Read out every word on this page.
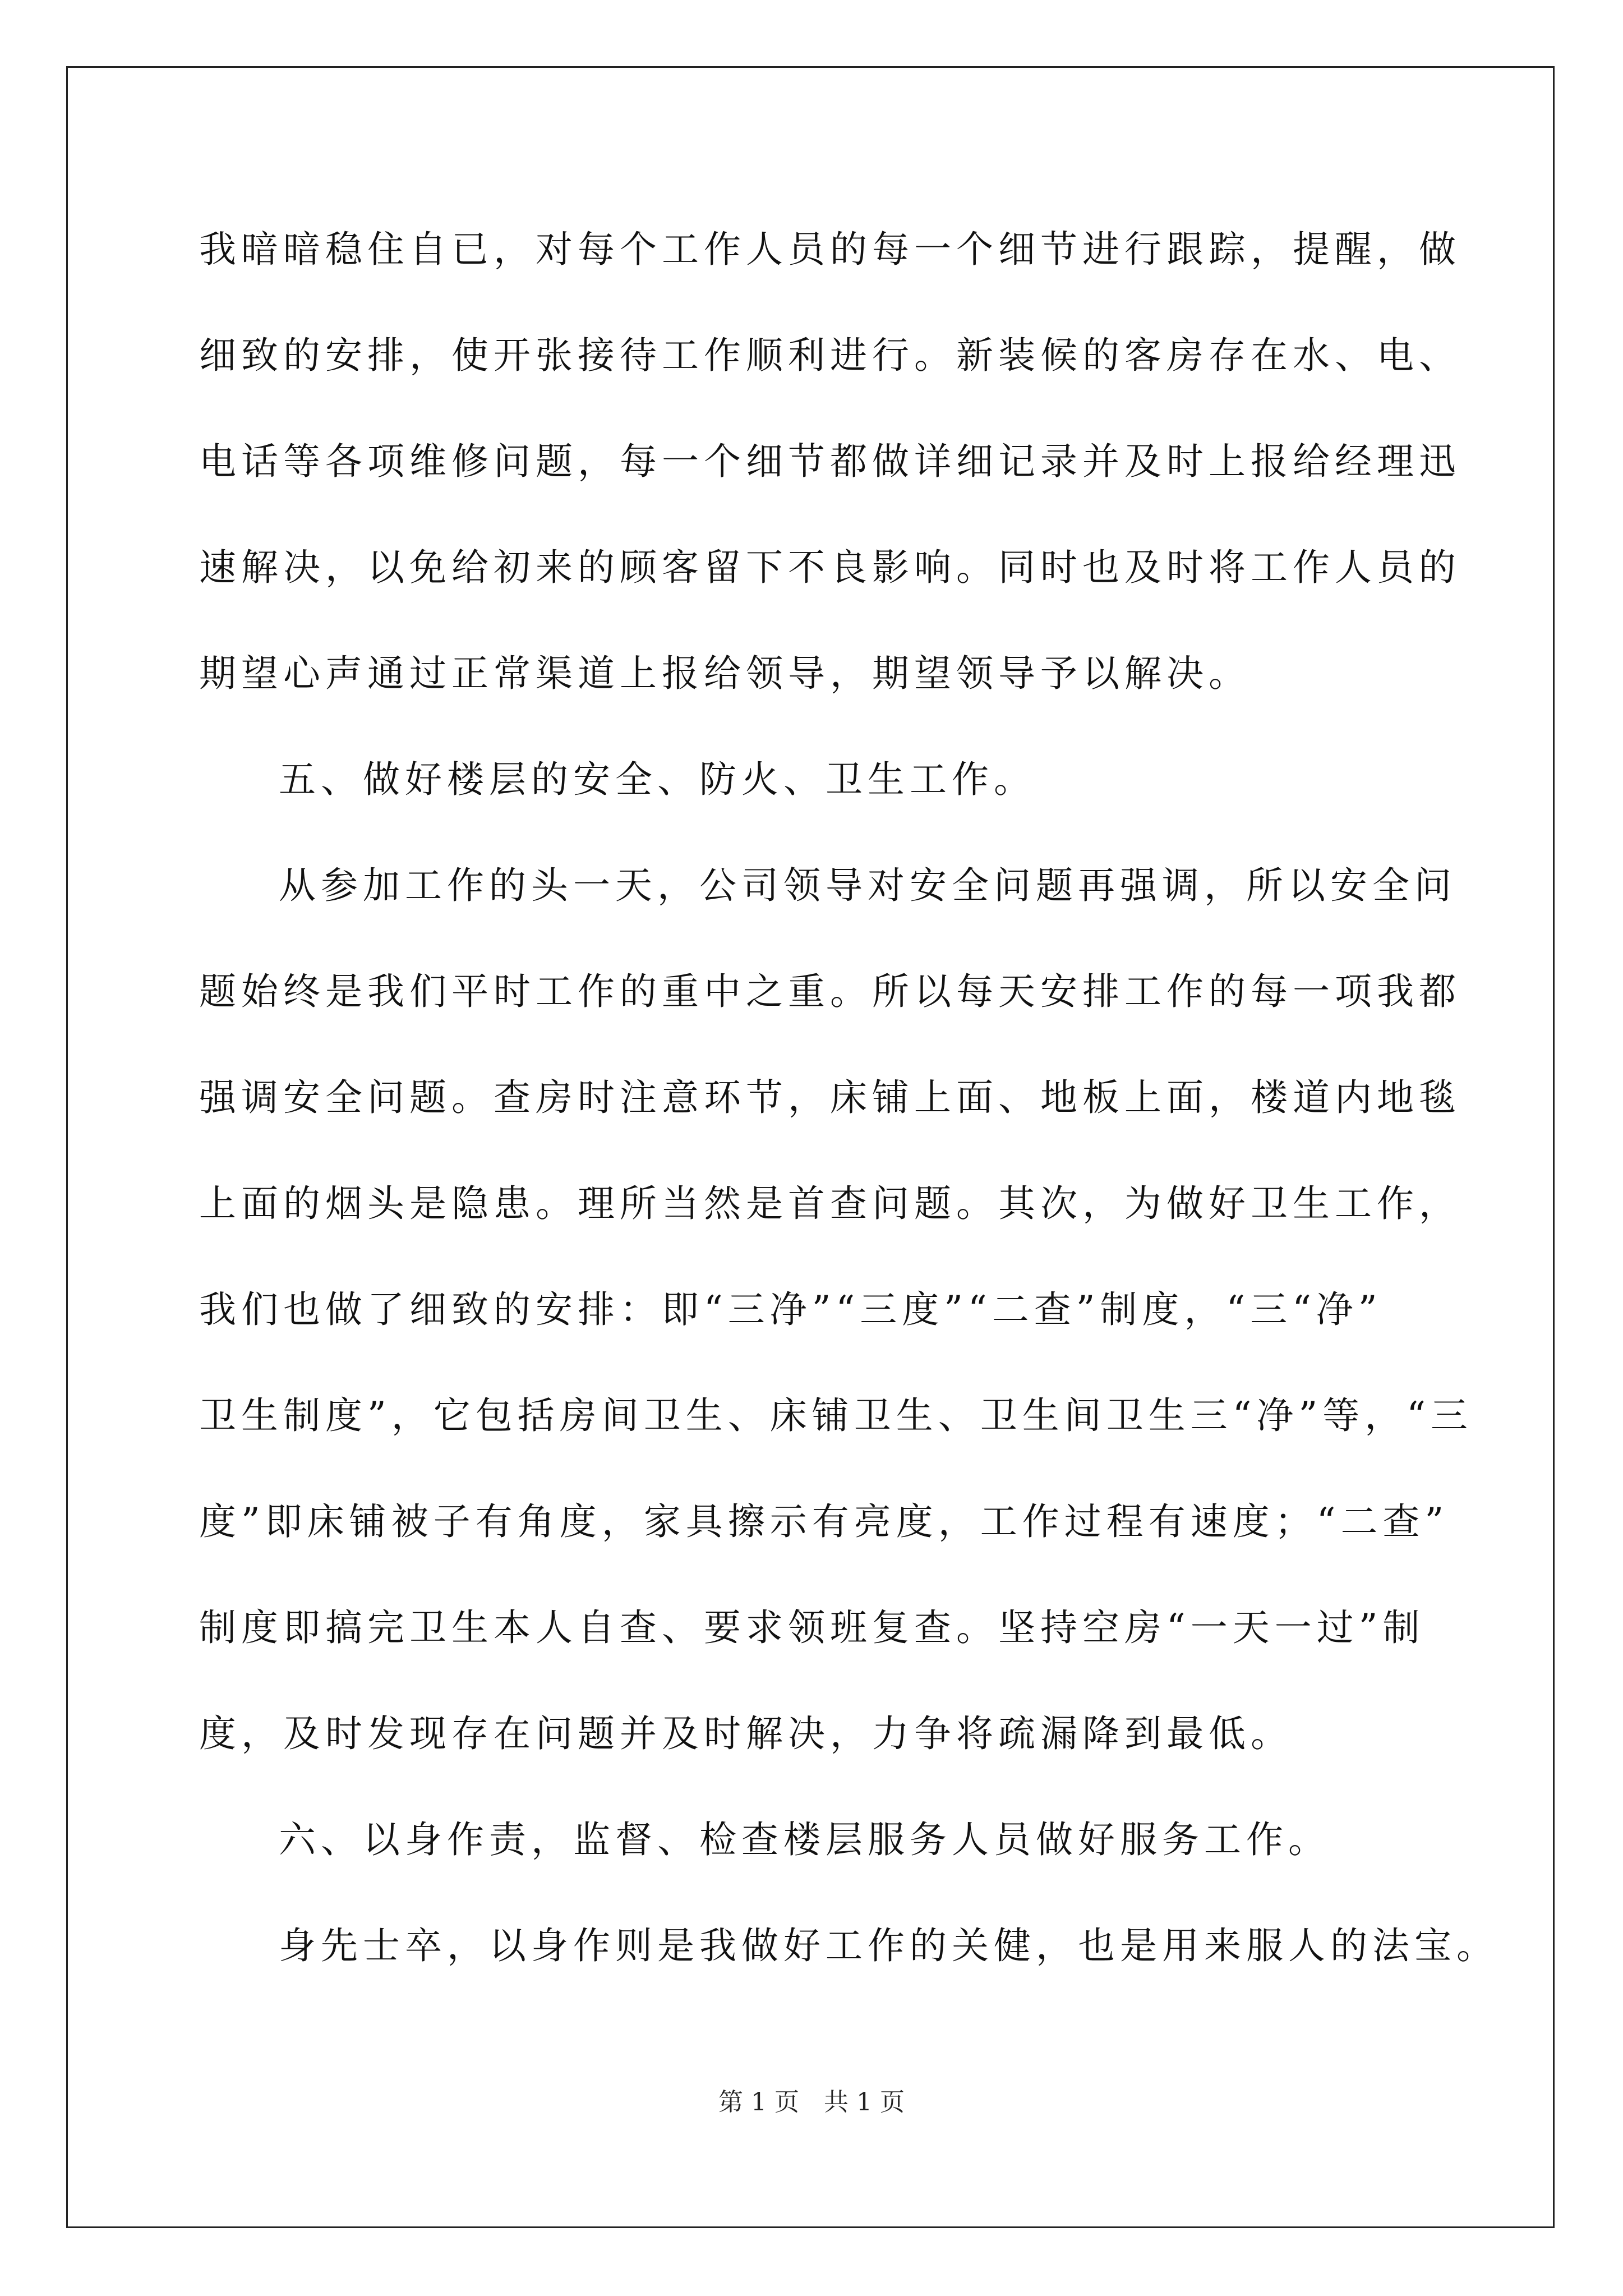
我暗暗稳住自已，对每个工作人员的每一个细节进行跟踪，提醒，做
细致的安排，使开张接待工作顺利进行。新装候的客房存在水、电、
电话等各项维修问题，每一个细节都做详细记录并及时上报给经理迅
速解决，以免给初来的顾客留下不良影响。同时也及时将工作人员的
期望心声通过正常渠道上报给领导，期望领导予以解决。
五、做好楼层的安全、防火、卫生工作。
从参加工作的头一天，公司领导对安全问题再强调，所以安全问
题始终是我们平时工作的重中之重。所以每天安排工作的每一项我都
强调安全问题。查房时注意环节，床铺上面、地板上面，楼道内地毯
上面的烟头是隐患。理所当然是首查问题。其次，为做好卫生工作，
我们也做了细致的安排：即“三净”“三度”“二查”制度，“三“净”
卫生制度”，它包括房间卫生、床铺卫生、卫生间卫生三“净”等，“三
度”即床铺被子有角度，家具擦示有亮度，工作过程有速度；“二查”
制度即搞完卫生本人自查、要求领班复查。坚持空房“一天一过”制
度，及时发现存在问题并及时解决，力争将疏漏降到最低。
六、以身作责，监督、检查楼层服务人员做好服务工作。
身先士卒，以身作则是我做好工作的关健，也是用来服人的法宝。
第 1 页　共 1 页
